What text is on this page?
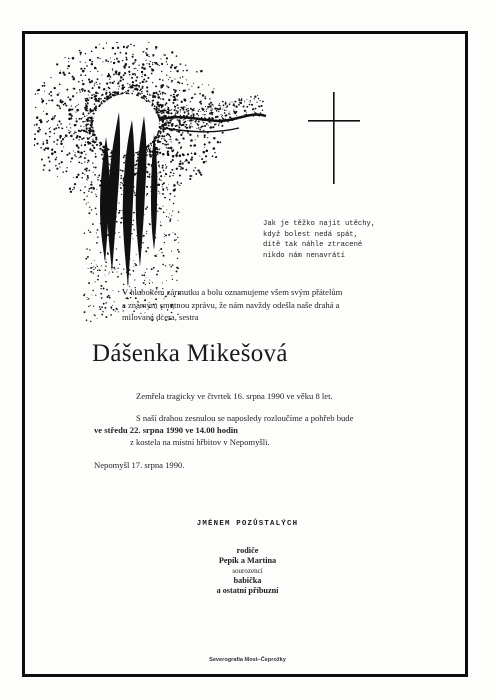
Jak je těžko najít utěchy,
když bolest nedá spát,
dítě tak náhle ztracené
nikdo nám nenavrátí
V hlubokém zármutku a bolu oznamujeme všem svým přátelům
a známým smutnou zprávu, že nám navždy odešla naše drahá a
milovaná dcera, sestra
Dášenka Mikešová
Zemřela tragicky ve čtvrtek 16. srpna 1990 ve věku 8 let.
S naší drahou zesnulou se naposledy rozloučíme a pohřeb bude
ve středu 22. srpna 1990 ve 14.00 hodin
z kostela na místní hřbitov v Nepomyšli.
Nepomyšl 17. srpna 1990.
JMÉNEM POZŮSTALÝCH
rodiče
Pepík a Martina
sourozenci
babička
a ostatní příbuzní
Severografia Most–Čeprožky
